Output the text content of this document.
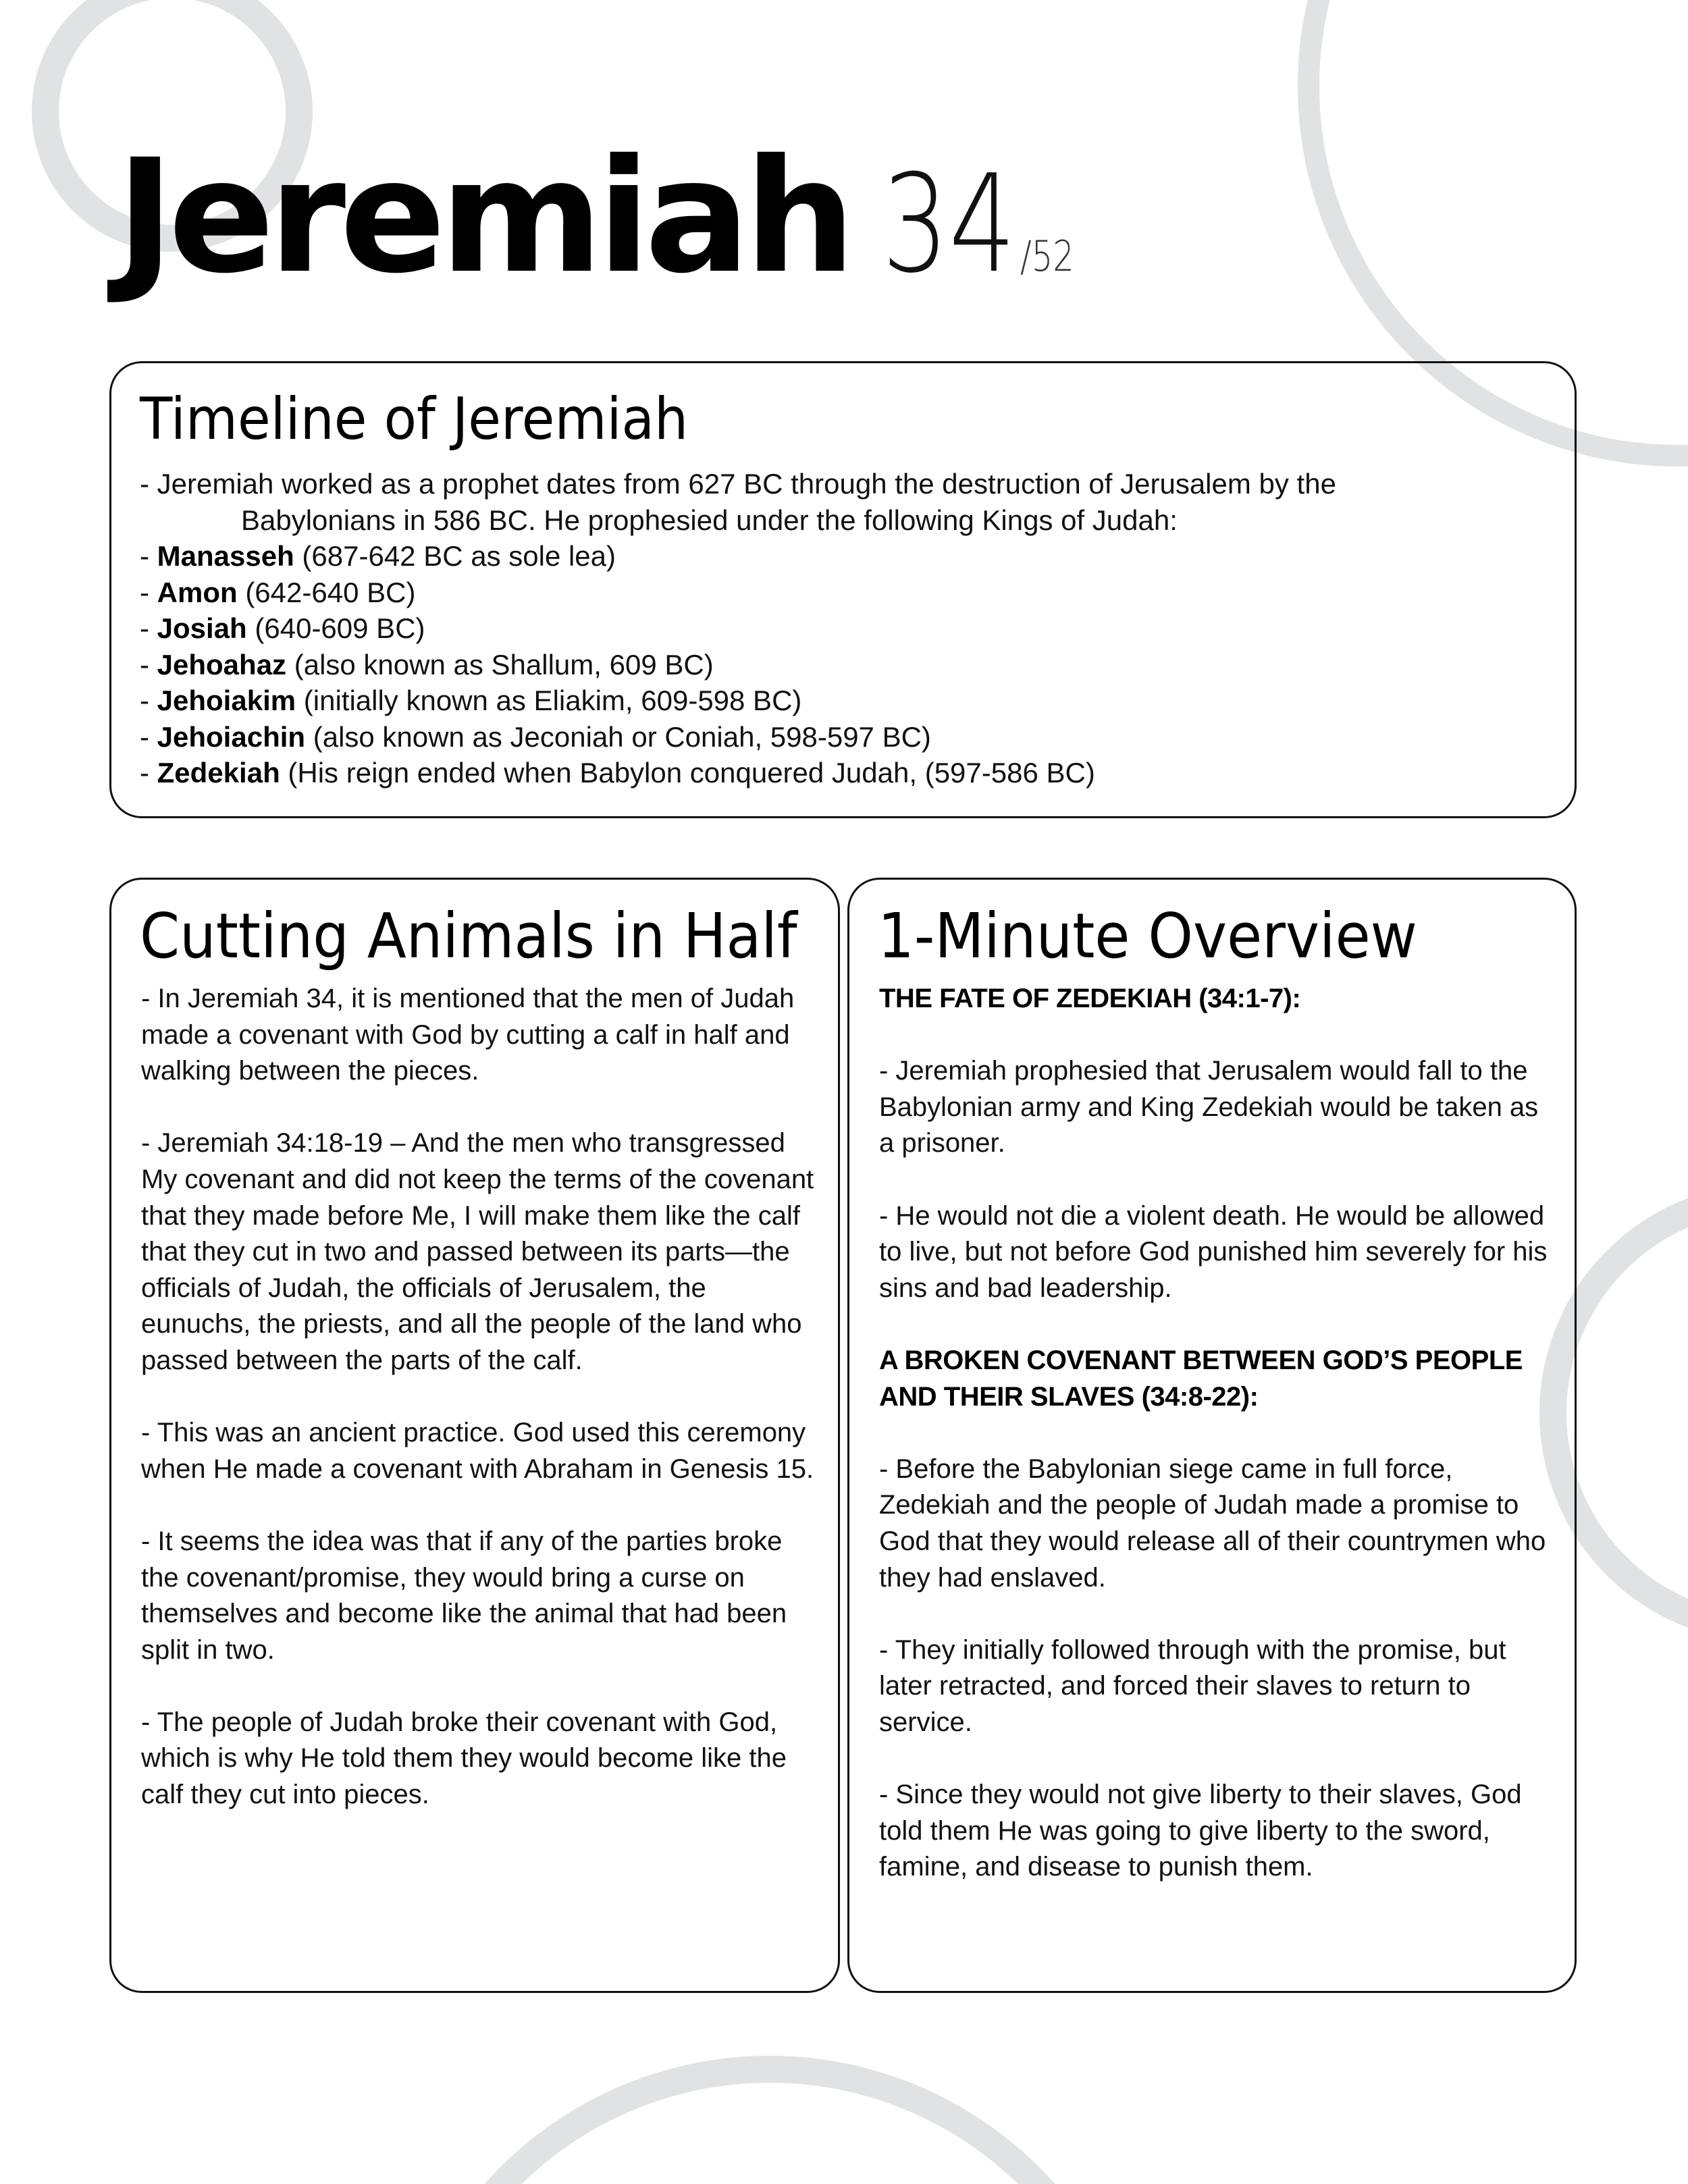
Jeremiah 34/52
Timeline of Jeremiah
- Jeremiah worked as a prophet dates from 627 BC through the destruction of Jerusalem by the
Babylonians in 586 BC. He prophesied under the following Kings of Judah:
- Manasseh (687-642 BC as sole lea)
- Amon (642-640 BC)
- Josiah (640-609 BC)
- Jehoahaz (also known as Shallum, 609 BC)
- Jehoiakim (initially known as Eliakim, 609-598 BC)
- Jehoiachin (also known as Jeconiah or Coniah, 598-597 BC)
- Zedekiah (His reign ended when Babylon conquered Judah, (597-586 BC)
Cutting Animals in Half

- In Jeremiah 34, it is mentioned that the men of Judah made a covenant with God by cutting a calf in half and walking between the pieces.

- Jeremiah 34:18-19 – And the men who transgressed My covenant and did not keep the terms of the covenant that they made before Me, I will make them like the calf that they cut in two and passed between its parts—the officials of Judah, the officials of Jerusalem, the eunuchs, the priests, and all the people of the land who passed between the parts of the calf.

- This was an ancient practice. God used this ceremony when He made a covenant with Abraham in Genesis 15.

- It seems the idea was that if any of the parties broke the covenant/promise, they would bring a curse on themselves and become like the animal that had been split in two.

- The people of Judah broke their covenant with God, which is why He told them they would become like the calf they cut into pieces.

1-Minute Overview

THE FATE OF ZEDEKIAH (34:1-7):

- Jeremiah prophesied that Jerusalem would fall to the Babylonian army and King Zedekiah would be taken as a prisoner.

- He would not die a violent death. He would be allowed to live, but not before God punished him severely for his sins and bad leadership.

A BROKEN COVENANT BETWEEN GOD’S PEOPLE AND THEIR SLAVES (34:8-22):

- Before the Babylonian siege came in full force, Zedekiah and the people of Judah made a promise to God that they would release all of their countrymen who they had enslaved.

- They initially followed through with the promise, but later retracted, and forced their slaves to return to service.

- Since they would not give liberty to their slaves, God told them He was going to give liberty to the sword, famine, and disease to punish them.
